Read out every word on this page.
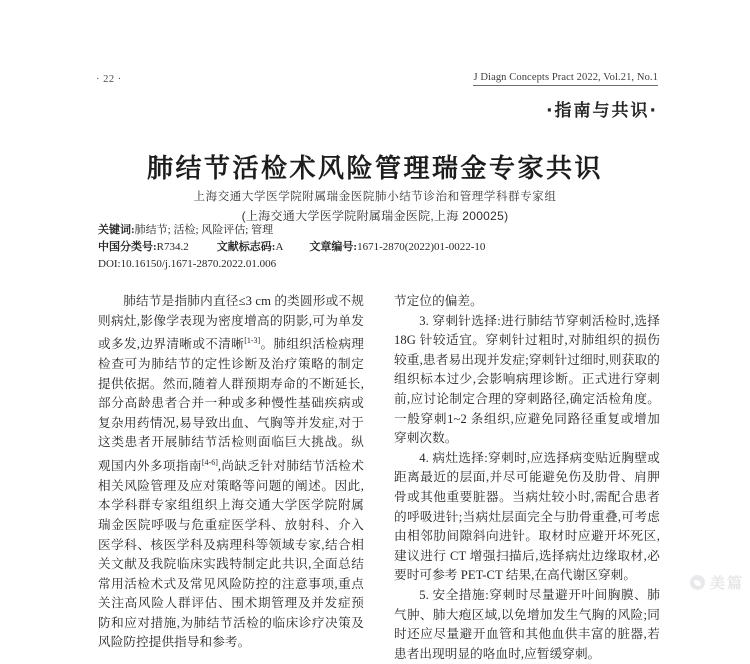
· 22 ·	J Diagn Concepts Pract 2022, Vol.21, No.1
·指南与共识·
肺结节活检术风险管理瑞金专家共识
上海交通大学医学院附属瑞金医院肺小结节诊治和管理学科群专家组
(上海交通大学医学院附属瑞金医院,上海 200025)
关键词:肺结节; 活检; 风险评估; 管理
中国分类号:R734.2	文献标志码:A 文章编号:1671-2870(2022)01-0022-10
DOI:10.16150/j.1671-2870.2022.01.006

肺结节是指肺内直径≤3 cm 的类圆形或不规则病灶,影像学表现为密度增高的阴影,可为单发或多发,边界清晰或不清晰[1-3]。肺组织活检病理检查可为肺结节的定性诊断及治疗策略的制定提供依据。然而,随着人群预期寿命的不断延长,部分高龄患者合并一种或多种慢性基础疾病或复杂用药情况,易导致出血、气胸等并发症,对于这类患者开展肺结节活检则面临巨大挑战。纵观国内外多项指南[4-6],尚缺乏针对肺结节活检术相关风险管理及应对策略等问题的阐述。因此,本学科群专家组组织上海交通大学医学院附属瑞金医院呼吸与危重症医学科、放射科、介入医学科、核医学科及病理科等领域专家,结合相关文献及我院临床实践特制定此共识,全面总结常用活检术式及常见风险防控的注意事项,重点关注高风险人群评估、围术期管理及并发症预防和应对措施,为肺结节活检的临床诊疗决策及风险防控提供指导和参考。

节定位的偏差。

3. 穿刺针选择:进行肺结节穿刺活检时,选择18G 针较适宜。穿刺针过粗时,对肺组织的损伤较重,患者易出现并发症;穿刺针过细时,则获取的组织标本过少,会影响病理诊断。正式进行穿刺前,应讨论制定合理的穿刺路径,确定活检角度。一般穿刺1~2 条组织,应避免同路径重复或增加穿刺次数。

4. 病灶选择:穿刺时,应选择病变贴近胸壁或距离最近的层面,并尽可能避免伤及肋骨、肩胛骨或其他重要脏器。当病灶较小时,需配合患者的呼吸进针;当病灶层面完全与肋骨重叠,可考虑由相邻肋间隙斜向进针。取材时应避开坏死区,建议进行 CT 增强扫描后,选择病灶边缘取材,必要时可参考 PET-CT 结果,在高代谢区穿刺。

5. 安全措施:穿刺时尽量避开叶间胸膜、肺气肿、肺大疱区域,以免增加发生气胸的风险;同时还应尽量避开血管和其他血供丰富的脏器,若患者出现明显的咯血时,应暂缓穿刺。

美篇
